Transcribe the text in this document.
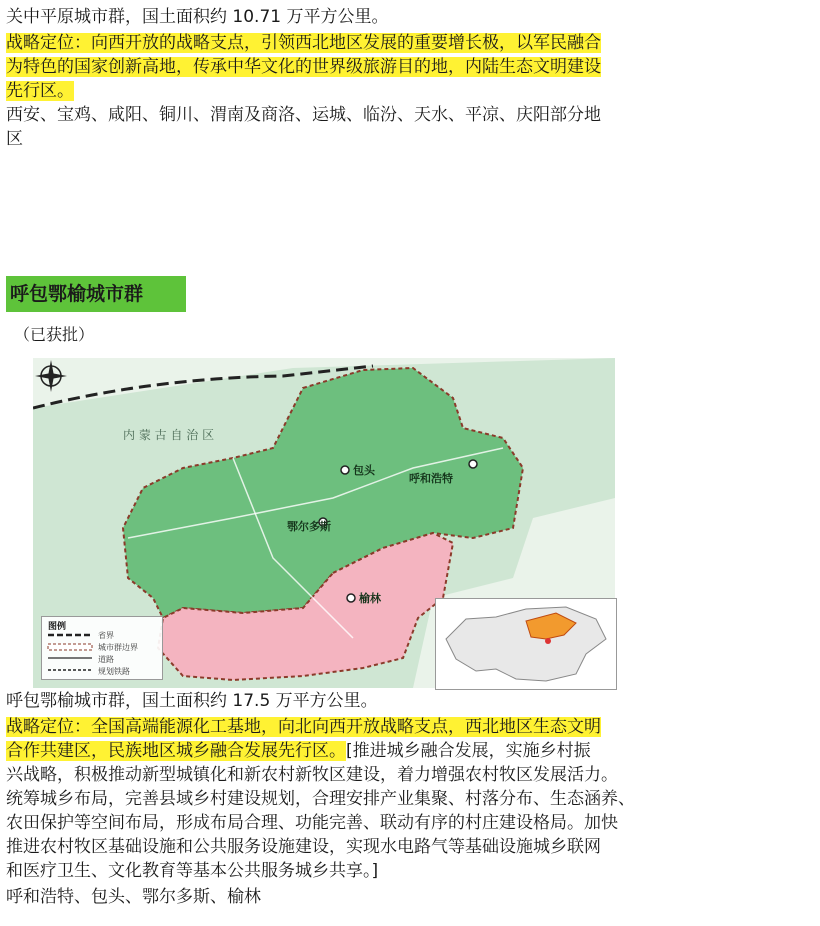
关中平原城市群，国土面积约 10.71 万平方公里。
战略定位：向西开放的战略支点，引领西北地区发展的重要增长极，以军民融合
为特色的国家创新高地，传承中华文化的世界级旅游目的地，内陆生态文明建设
先行区。
西安、宝鸡、咸阳、铜川、渭南及商洛、运城、临汾、天水、平凉、庆阳部分地
区
呼包鄂榆城市群
（已获批）
内 蒙 古 自 治 区
呼和浩特
包头
鄂尔多斯
榆林
图例
省界
城市群边界
道路
规划铁路
呼包鄂榆城市群，国土面积约 17.5 万平方公里。
战略定位：全国高端能源化工基地，向北向西开放战略支点，西北地区生态文明
合作共建区，民族地区城乡融合发展先行区。[推进城乡融合发展，实施乡村振
兴战略，积极推动新型城镇化和新农村新牧区建设，着力增强农村牧区发展活力。
统筹城乡布局，完善县域乡村建设规划，合理安排产业集聚、村落分布、生态涵养、
农田保护等空间布局，形成布局合理、功能完善、联动有序的村庄建设格局。加快
推进农村牧区基础设施和公共服务设施建设，实现水电路气等基础设施城乡联网
和医疗卫生、文化教育等基本公共服务城乡共享。]
呼和浩特、包头、鄂尔多斯、榆林
